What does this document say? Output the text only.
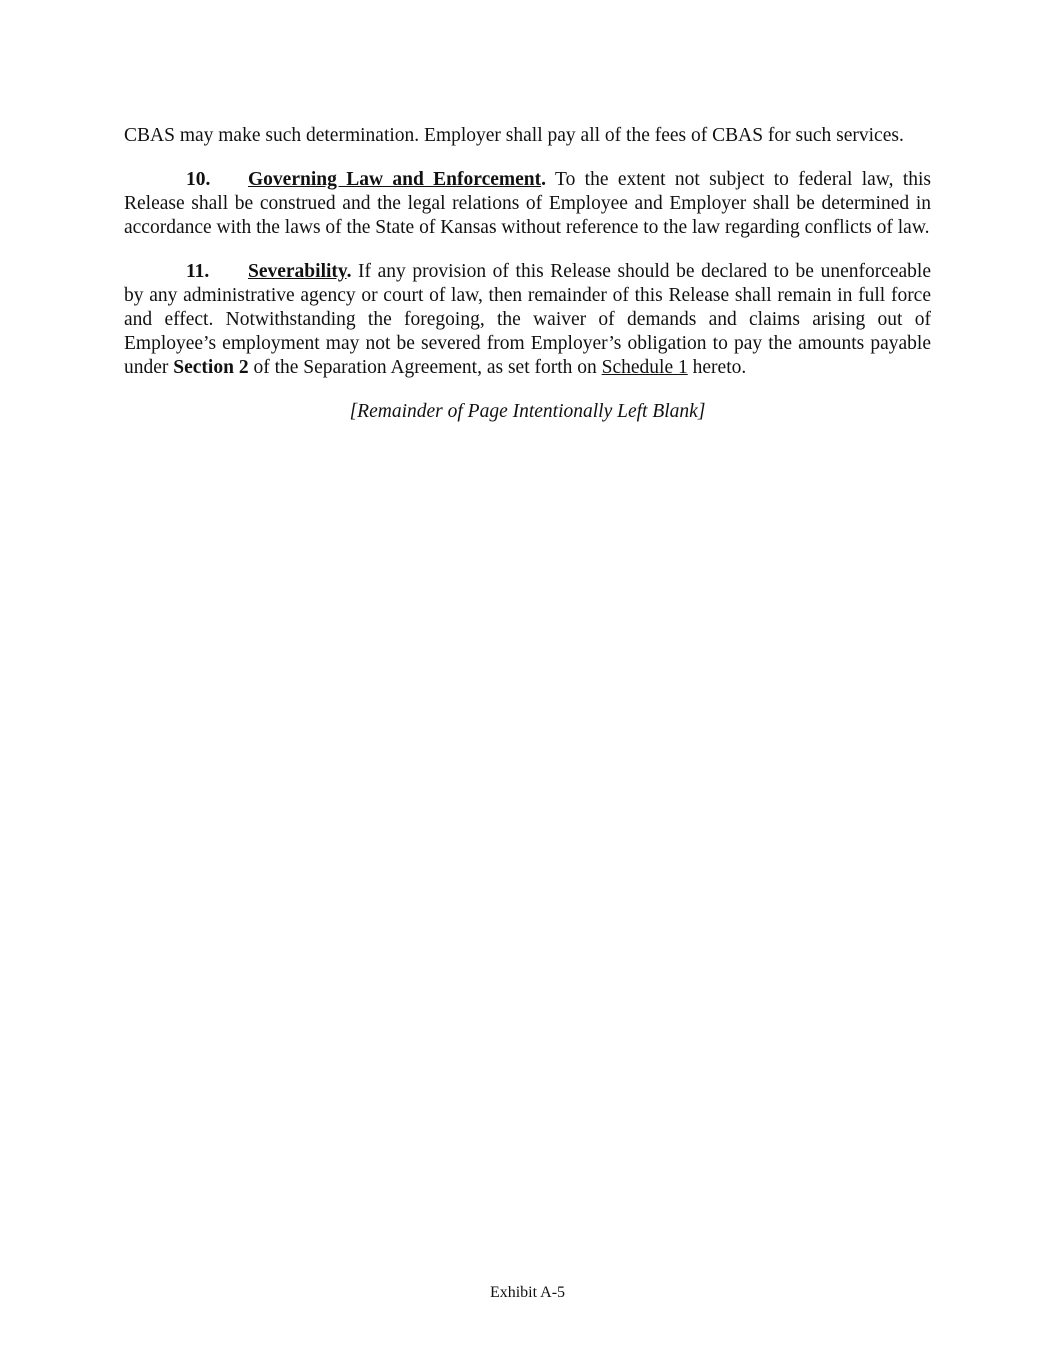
CBAS may make such determination. Employer shall pay all of the fees of CBAS for such services.

10. Governing Law and Enforcement. To the extent not subject to federal law, this Release shall be construed and the legal relations of Employee and Employer shall be determined in accordance with the laws of the State of Kansas without reference to the law regarding conflicts of law.

11. Severability. If any provision of this Release should be declared to be unenforceable by any administrative agency or court of law, then remainder of this Release shall remain in full force and effect. Notwithstanding the foregoing, the waiver of demands and claims arising out of Employee’s employment may not be severed from Employer’s obligation to pay the amounts payable under Section 2 of the Separation Agreement, as set forth on Schedule 1 hereto.

[Remainder of Page Intentionally Left Blank]

Exhibit A-5
